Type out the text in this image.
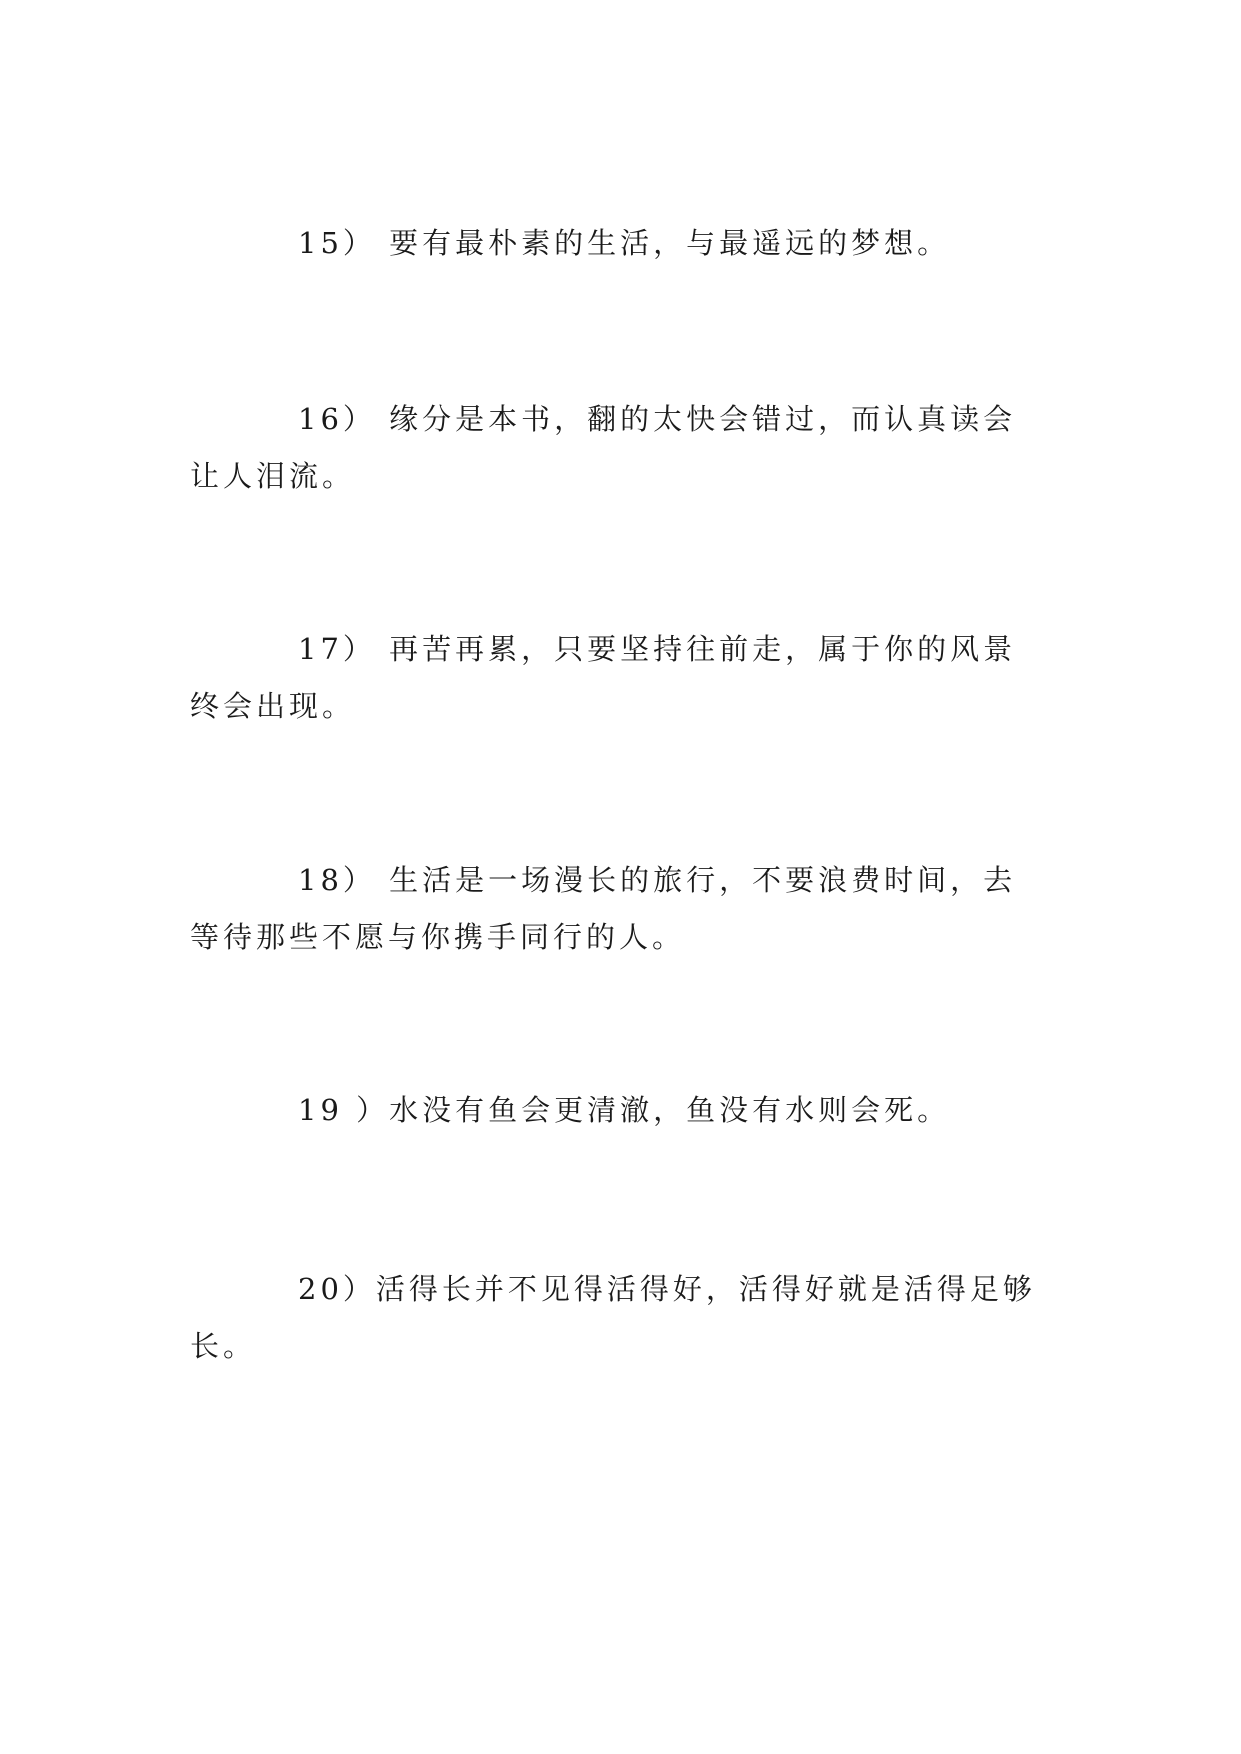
15） 要有最朴素的生活，与最遥远的梦想。

16） 缘分是本书，翻的太快会错过，而认真读会让人泪流。

17） 再苦再累，只要坚持往前走，属于你的风景终会出现。

18） 生活是一场漫长的旅行，不要浪费时间，去等待那些不愿与你携手同行的人。

19 ）水没有鱼会更清澈，鱼没有水则会死。

20）活得长并不见得活得好，活得好就是活得足够长。
